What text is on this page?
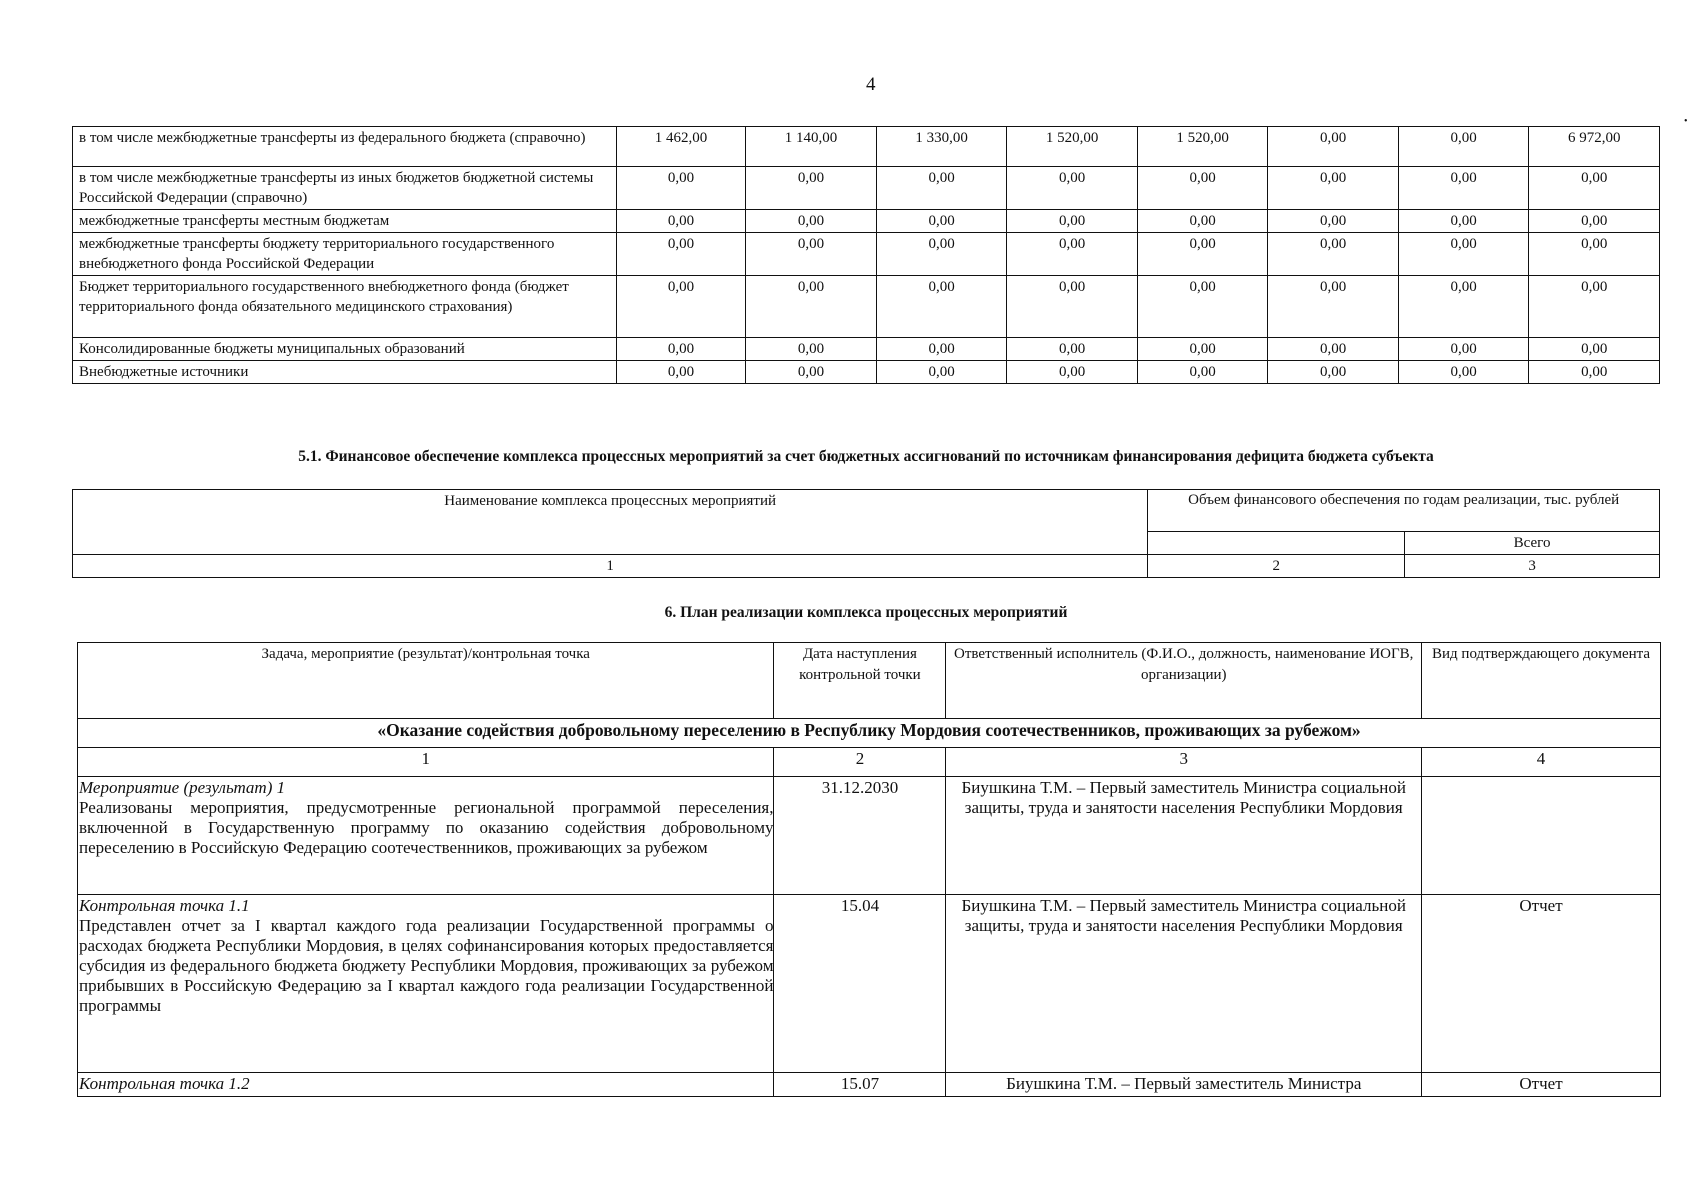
4
•
в том числе межбюджетные трансферты из федерального бюджета (справочно)	1 462,00	1 140,00	1 330,00	1 520,00	1 520,00	0,00	0,00	6 972,00
в том числе межбюджетные трансферты из иных бюджетов бюджетной системы Российской Федерации (справочно)	0,00	0,00	0,00	0,00	0,00	0,00	0,00	0,00
межбюджетные трансферты местным бюджетам	0,00	0,00	0,00	0,00	0,00	0,00	0,00	0,00
межбюджетные трансферты бюджету территориального государственного внебюджетного фонда Российской Федерации	0,00	0,00	0,00	0,00	0,00	0,00	0,00	0,00
Бюджет территориального государственного внебюджетного фонда (бюджет территориального фонда обязательного медицинского страхования)	0,00	0,00	0,00	0,00	0,00	0,00	0,00	0,00
Консолидированные бюджеты муниципальных образований	0,00	0,00	0,00	0,00	0,00	0,00	0,00	0,00
Внебюджетные источники	0,00	0,00	0,00	0,00	0,00	0,00	0,00	0,00
5.1. Финансовое обеспечение комплекса процессных мероприятий за счет бюджетных ассигнований по источникам финансирования дефицита бюджета субъекта
Наименование комплекса процессных мероприятий	Объем финансового обеспечения по годам реализации, тыс. рублей	
		Всего
1	2	3
6. План реализации комплекса процессных мероприятий
Задача, мероприятие (результат)/контрольная точка	Дата наступления контрольной точки	Ответственный исполнитель (Ф.И.О., должность, наименование ИОГВ, организации)	Вид подтверждающего документа
«Оказание содействия добровольному переселению в Республику Мордовия соотечественников, проживающих за рубежом»			
1	2	3	4

Мероприятие (результат) 1
Реализованы мероприятия, предусмотренные региональной программой переселения, включенной в Государственную программу по оказанию содействия добровольному переселению в Российскую Федерацию соотечественников, проживающих за рубежом	31.12.2030	Биушкина Т.М. – Первый заместитель Министра социальной защиты, труда и занятости населения Республики Мордовия	

Контрольная точка 1.1
Представлен отчет за I квартал каждого года реализации Государственной программы о расходах бюджета Республики Мордовия, в целях софинансирования которых предоставляется субсидия из федерального бюджета бюджету Республики Мордовия, проживающих за рубежом прибывших в Российскую Федерацию за I квартал каждого года реализации Государственной программы	15.04	Биушкина Т.М. – Первый заместитель Министра социальной защиты, труда и занятости населения Республики Мордовия	Отчет

Контрольная точка 1.2	15.07	Биушкина Т.М. – Первый заместитель Министра	Отчет
